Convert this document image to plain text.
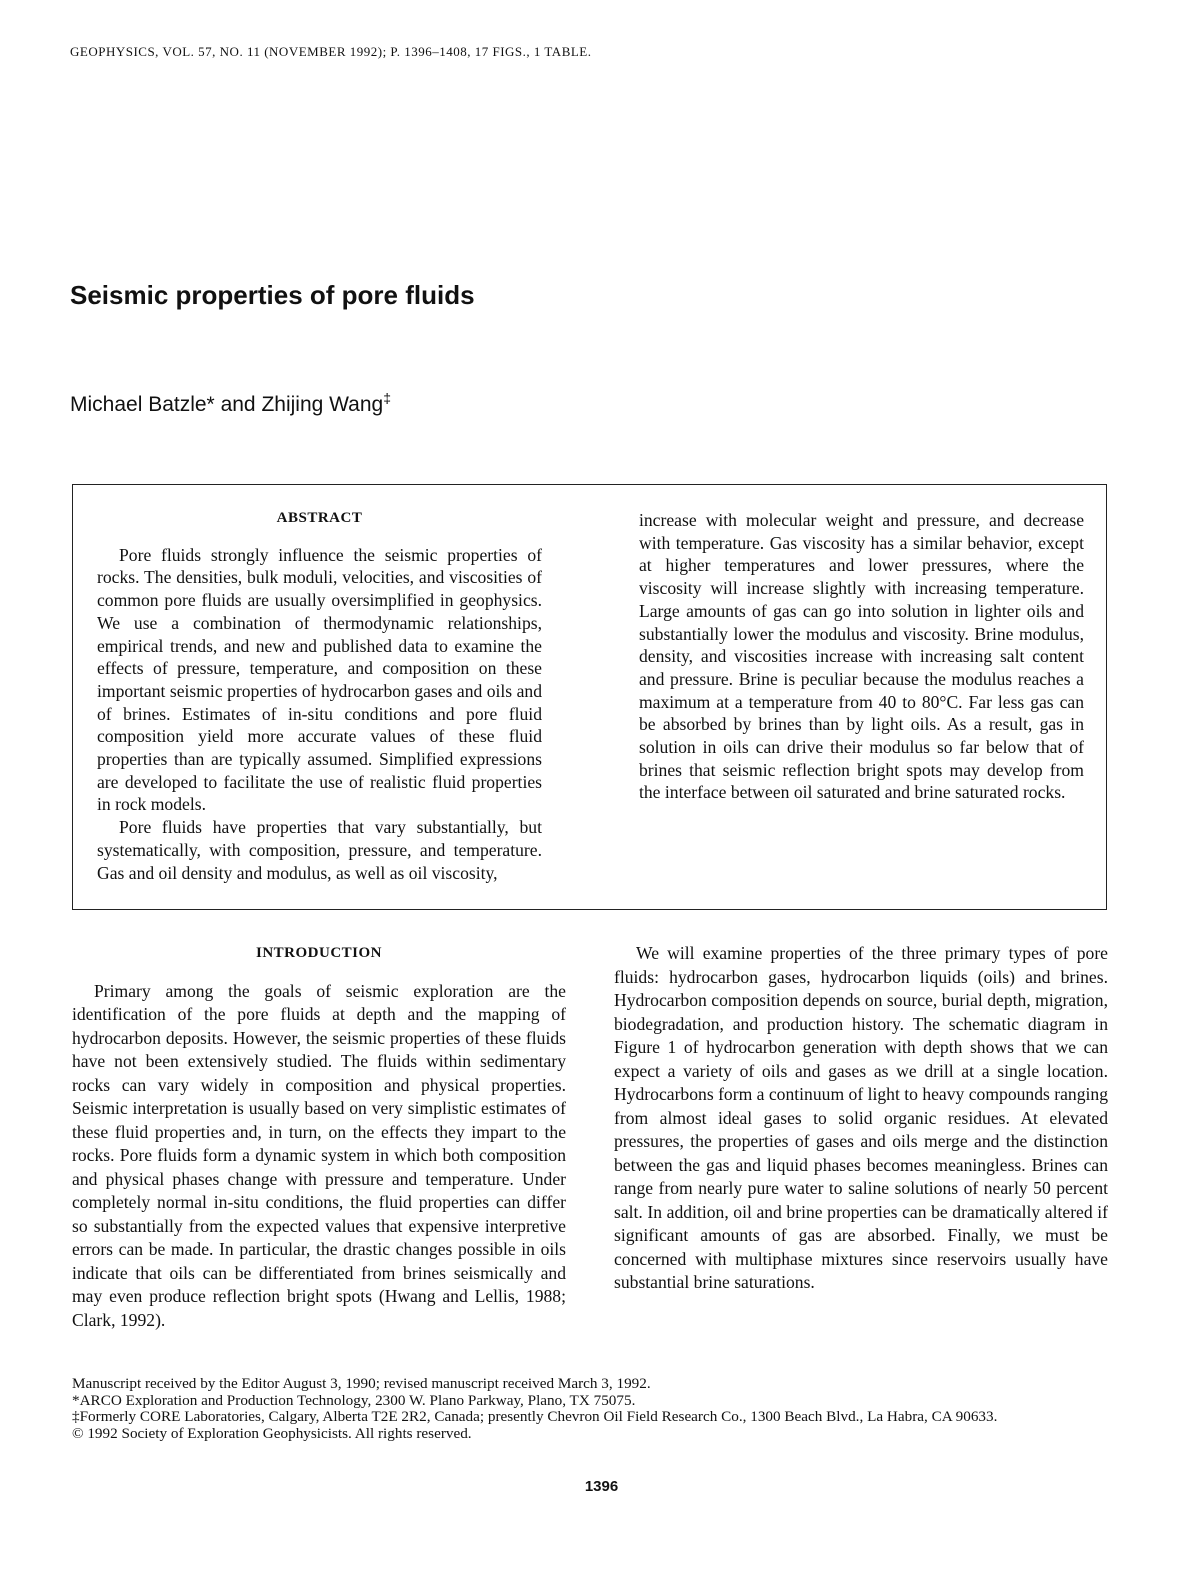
GEOPHYSICS, VOL. 57, NO. 11 (NOVEMBER 1992); P. 1396–1408, 17 FIGS., 1 TABLE.
Seismic properties of pore fluids
Michael Batzle* and Zhijing Wang‡
ABSTRACT

Pore fluids strongly influence the seismic properties of rocks. The densities, bulk moduli, velocities, and viscosities of common pore fluids are usually oversimplified in geophysics. We use a combination of thermodynamic relationships, empirical trends, and new and published data to examine the effects of pressure, temperature, and composition on these important seismic properties of hydrocarbon gases and oils and of brines. Estimates of in-situ conditions and pore fluid composition yield more accurate values of these fluid properties than are typically assumed. Simplified expressions are developed to facilitate the use of realistic fluid properties in rock models.

Pore fluids have properties that vary substantially, but systematically, with composition, pressure, and temperature. Gas and oil density and modulus, as well as oil viscosity,

increase with molecular weight and pressure, and decrease with temperature. Gas viscosity has a similar behavior, except at higher temperatures and lower pressures, where the viscosity will increase slightly with increasing temperature. Large amounts of gas can go into solution in lighter oils and substantially lower the modulus and viscosity. Brine modulus, density, and viscosities increase with increasing salt content and pressure. Brine is peculiar because the modulus reaches a maximum at a temperature from 40 to 80°C. Far less gas can be absorbed by brines than by light oils. As a result, gas in solution in oils can drive their modulus so far below that of brines that seismic reflection bright spots may develop from the interface between oil saturated and brine saturated rocks.

INTRODUCTION

Primary among the goals of seismic exploration are the identification of the pore fluids at depth and the mapping of hydrocarbon deposits. However, the seismic properties of these fluids have not been extensively studied. The fluids within sedimentary rocks can vary widely in composition and physical properties. Seismic interpretation is usually based on very simplistic estimates of these fluid properties and, in turn, on the effects they impart to the rocks. Pore fluids form a dynamic system in which both composition and physical phases change with pressure and temperature. Under completely normal in-situ conditions, the fluid properties can differ so substantially from the expected values that expensive interpretive errors can be made. In particular, the drastic changes possible in oils indicate that oils can be differentiated from brines seismically and may even produce reflection bright spots (Hwang and Lellis, 1988; Clark, 1992).

We will examine properties of the three primary types of pore fluids: hydrocarbon gases, hydrocarbon liquids (oils) and brines. Hydrocarbon composition depends on source, burial depth, migration, biodegradation, and production history. The schematic diagram in Figure 1 of hydrocarbon generation with depth shows that we can expect a variety of oils and gases as we drill at a single location. Hydrocarbons form a continuum of light to heavy compounds ranging from almost ideal gases to solid organic residues. At elevated pressures, the properties of gases and oils merge and the distinction between the gas and liquid phases becomes meaningless. Brines can range from nearly pure water to saline solutions of nearly 50 percent salt. In addition, oil and brine properties can be dramatically altered if significant amounts of gas are absorbed. Finally, we must be concerned with multiphase mixtures since reservoirs usually have substantial brine saturations.

Manuscript received by the Editor August 3, 1990; revised manuscript received March 3, 1992.
*ARCO Exploration and Production Technology, 2300 W. Plano Parkway, Plano, TX 75075.
‡Formerly CORE Laboratories, Calgary, Alberta T2E 2R2, Canada; presently Chevron Oil Field Research Co., 1300 Beach Blvd., La Habra, CA 90633.
© 1992 Society of Exploration Geophysicists. All rights reserved.
1396
